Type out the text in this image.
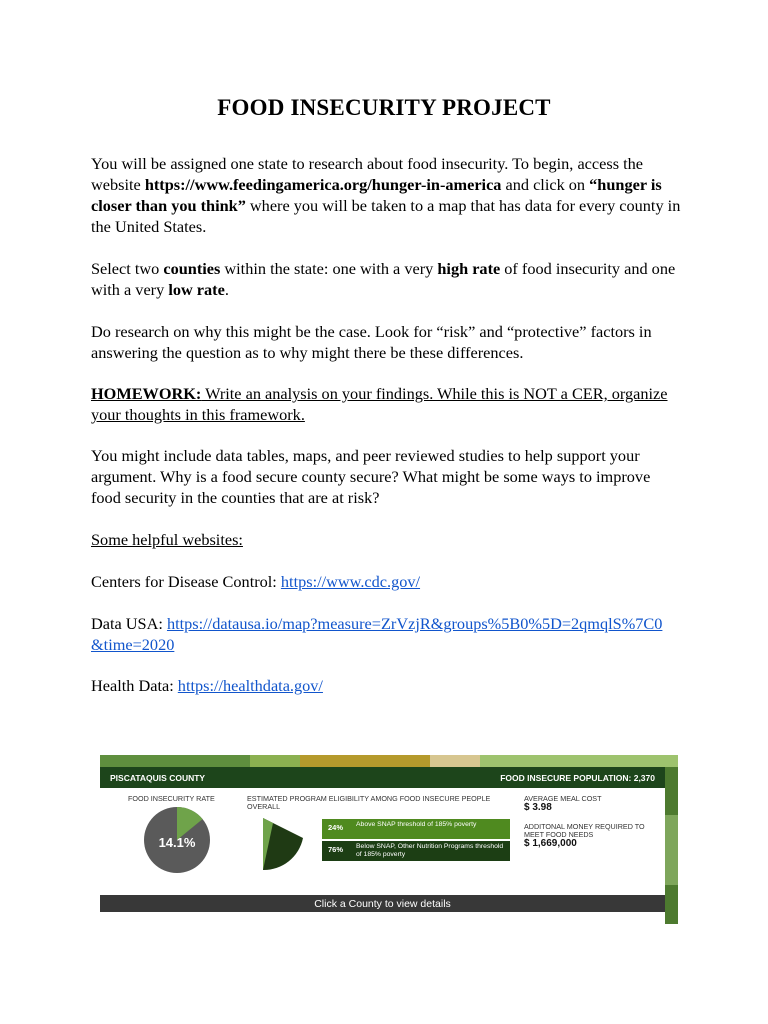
FOOD INSECURITY PROJECT

You will be assigned one state to research about food insecurity. To begin, access the website https://www.feedingamerica.org/hunger-in-america and click on “hunger is closer than you think” where you will be taken to a map that has data for every county in the United States.

Select two counties within the state: one with a very high rate of food insecurity and one with a very low rate.

Do research on why this might be the case. Look for “risk” and “protective” factors in answering the question as to why might there be these differences.

HOMEWORK: Write an analysis on your findings. While this is NOT a CER, organize your thoughts in this framework.

You might include data tables, maps, and peer reviewed studies to help support your argument. Why is a food secure county secure? What might be some ways to improve food security in the counties that are at risk?

Some helpful websites:

Centers for Disease Control: https://www.cdc.gov/

Data USA: https://datausa.io/map?measure=ZrVzjR&groups%5B0%5D=2qmqlS%7C0&time=2020

Health Data: https://healthdata.gov/

PISCATAQUIS COUNTY	FOOD INSECURE POPULATION: 2,370
FOOD INSECURITY RATE
14.1%
ESTIMATED PROGRAM ELIGIBILITY AMONG FOOD INSECURE PEOPLE OVERALL
24% Above SNAP threshold of 185% poverty
76% Below SNAP, Other Nutrition Programs threshold of 185% poverty
AVERAGE MEAL COST
$ 3.98
ADDITONAL MONEY REQUIRED TO MEET FOOD NEEDS
$ 1,669,000
Click a County to view details
